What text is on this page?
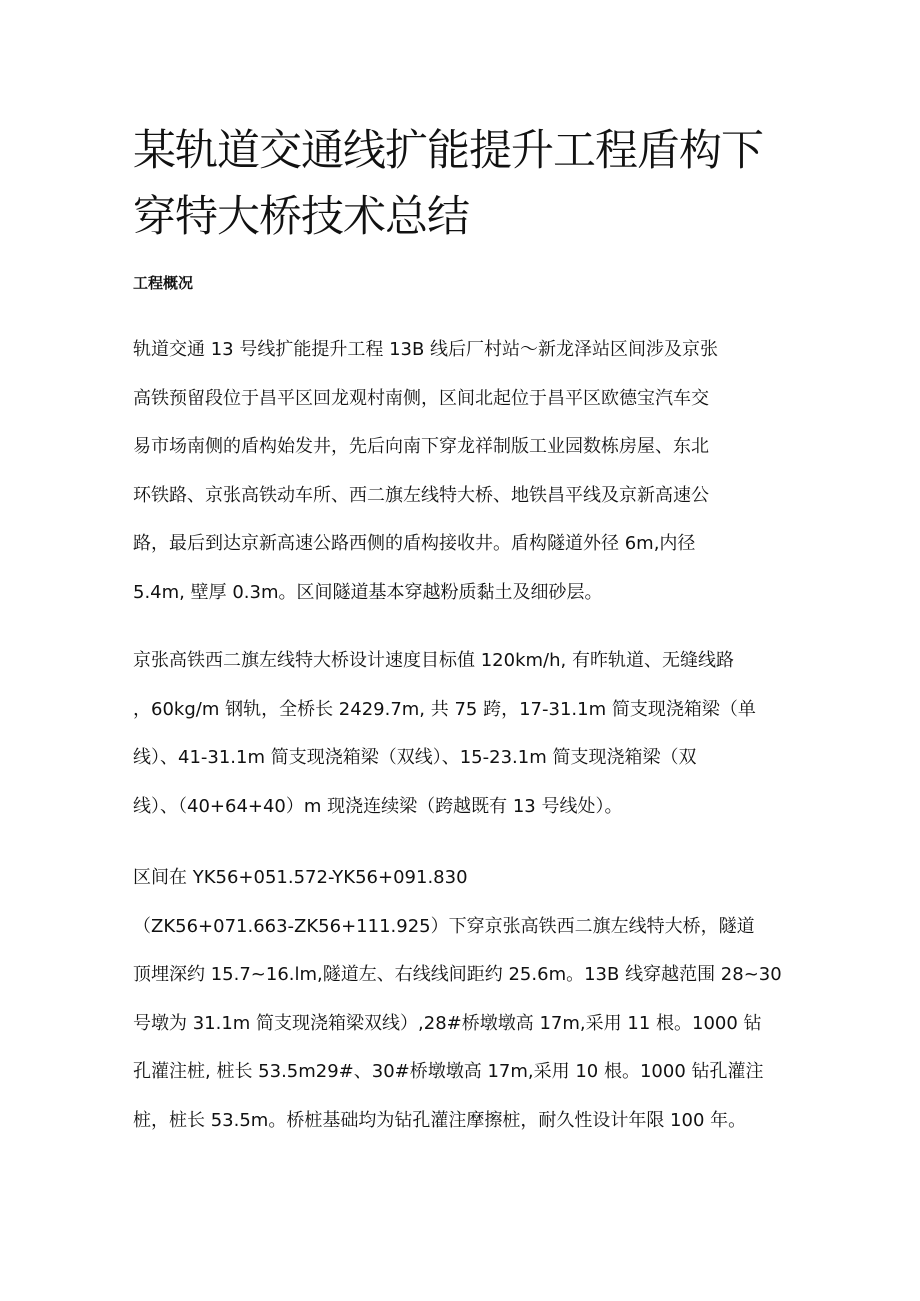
某轨道交通线扩能提升工程盾构下
穿特大桥技术总结
工程概况

轨道交通 13 号线扩能提升工程 13B 线后厂村站～新龙泽站区间涉及京张
高铁预留段位于昌平区回龙观村南侧，区间北起位于昌平区欧德宝汽车交
易市场南侧的盾构始发井，先后向南下穿龙祥制版工业园数栋房屋、东北
环铁路、京张高铁动车所、西二旗左线特大桥、地铁昌平线及京新高速公
路，最后到达京新高速公路西侧的盾构接收井。盾构隧道外径 6m,内径
5.4m, 壁厚 0.3m。区间隧道基本穿越粉质黏土及细砂层。

京张高铁西二旗左线特大桥设计速度目标值 120km/h, 有昨轨道、无缝线路
，60kg/m 钢轨，全桥长 2429.7m, 共 75 跨，17-31.1m 简支现浇箱梁（单
线）、41-31.1m 简支现浇箱梁（双线）、15-23.1m 简支现浇箱梁（双
线）、（40+64+40）m 现浇连续梁（跨越既有 13 号线处）。

区间在 YK56+051.572-YK56+091.830
（ZK56+071.663-ZK56+111.925）下穿京张高铁西二旗左线特大桥，隧道
顶埋深约 15.7~16.lm,隧道左、右线线间距约 25.6m。13B 线穿越范围 28~30
号墩为 31.1m 简支现浇箱梁双线）,28#桥墩墩高 17m,采用 11 根。1000 钻
孔灌注桩, 桩长 53.5m29#、30#桥墩墩高 17m,采用 10 根。1000 钻孔灌注
桩，桩长 53.5m。桥桩基础均为钻孔灌注摩擦桩，耐久性设计年限 100 年。
